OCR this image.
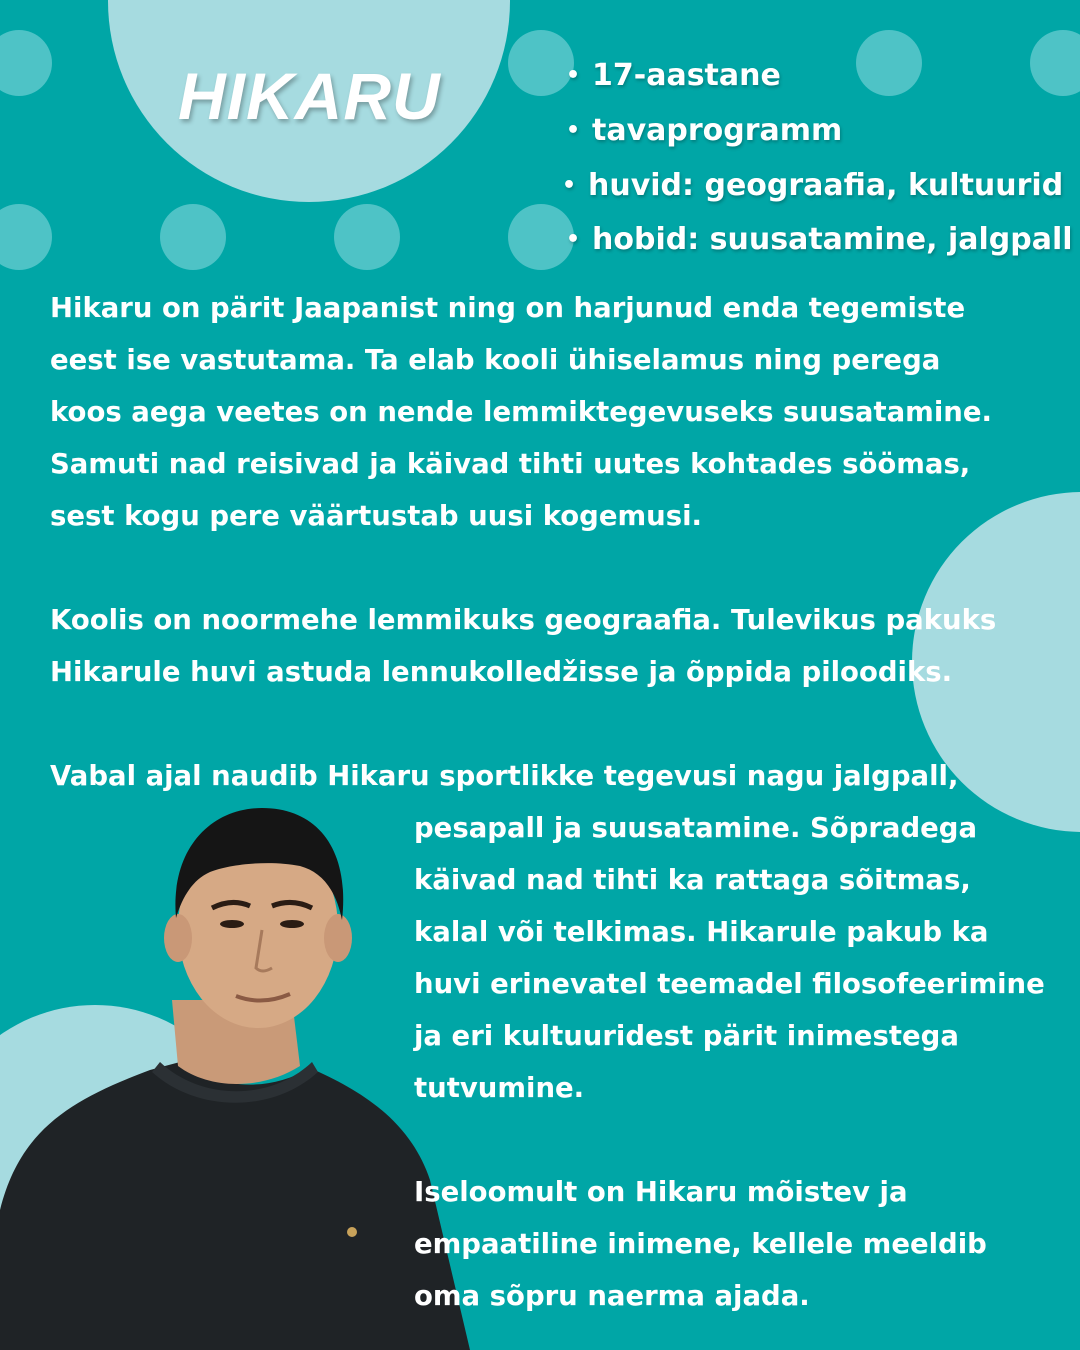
HIKARU	• 17-aastane
• tavaprogramm
• huvid: geograafia, kultuurid
• hobid: suusatamine, jalgpall

Hikaru on pärit Jaapanist ning on harjunud enda tegemiste
eest ise vastutama. Ta elab kooli ühiselamus ning perega
koos aega veetes on nende lemmiktegevuseks suusatamine.
Samuti nad reisivad ja käivad tihti uutes kohtades söömas,
sest kogu pere väärtustab uusi kogemusi.

Koolis on noormehe lemmikuks geograafia. Tulevikus pakuks
Hikarule huvi astuda lennukolledžisse ja õppida piloodiks.

Vabal ajal naudib Hikaru sportlikke tegevusi nagu jalgpall,

pesapall ja suusatamine. Sõpradega
käivad nad tihti ka rattaga sõitmas,
kalal või telkimas. Hikarule pakub ka
huvi erinevatel teemadel filosofeerimine
ja eri kultuuridest pärit inimestega
tutvumine.

Iseloomult on Hikaru mõistev ja
empaatiline inimene, kellele meeldib
oma sõpru naerma ajada.
